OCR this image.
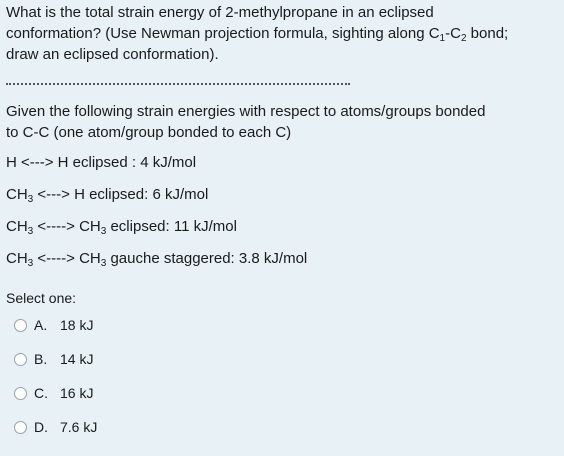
What is the total strain energy of 2-methylpropane in an eclipsed
conformation? (Use Newman projection formula, sighting along $C_1-C_2$ bond;
draw an eclipsed conformation).

Given the following strain energies with respect to atoms/groups bonded
to C-C (one atom/group bonded to each C)
H <---> H eclipsed : 4 kJ/mol
$CH_3$ <---> H eclipsed: 6 kJ/mol
$CH_3$ <----> $CH_3$ eclipsed: 11 kJ/mol
$CH_3$ <----> $CH_3$ gauche staggered: 3.8 kJ/mol
Select one:
A. 18 kJ
B. 14 kJ
C. 16 kJ
D. 7.6 kJ
